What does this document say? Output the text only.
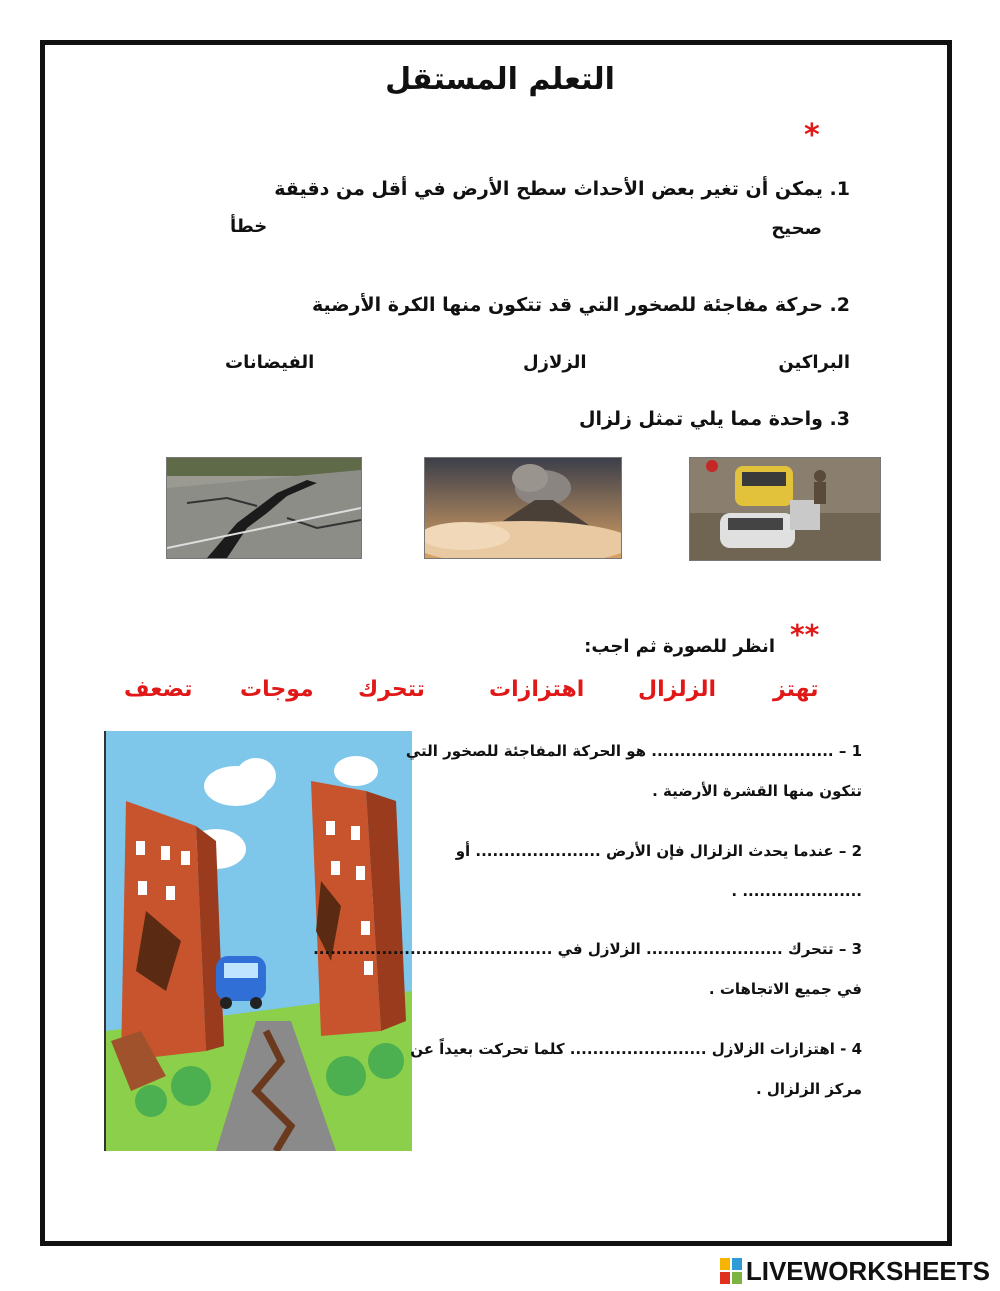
التعلم المستقل
*
1. يمكن أن تغير بعض الأحداث سطح الأرض في أقل من دقيقة
صحيح
خطأ
2. حركة مفاجئة للصخور التي قد تتكون منها الكرة الأرضية
البراكين
الزلازل
الفيضانات
3. واحدة مما يلي تمثل زلزال
**
انظر للصورة ثم اجب:
تهتز
الزلزال
اهتزازات
تتحرك
موجات
تضعف
1 – ................................ هو الحركة المفاجئة للصخور التي
تتكون منها القشرة الأرضية .
2 – عندما يحدث الزلزال فإن الأرض ...................... أو
..................... .
3 – تتحرك ........................ الزلازل في ..........................................
في جميع الاتجاهات .
4 - اهتزازات الزلازل ........................ كلما تحركت بعيداً عن
مركز الزلزال .
LIVEWORKSHEETS
